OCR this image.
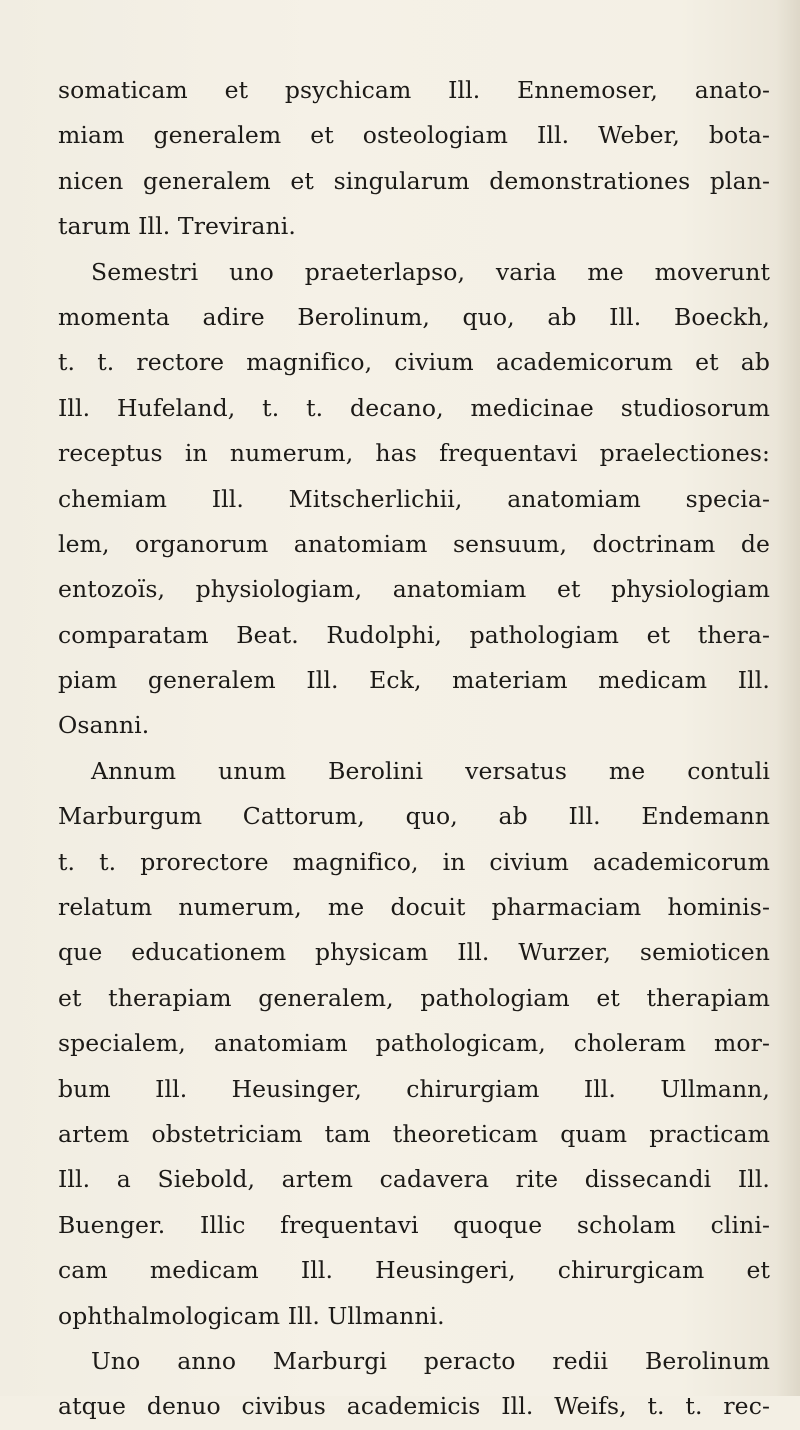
somaticam et psychicam Ill. Ennemoser, anato-
miam generalem et osteologiam Ill. Weber, bota-
nicen generalem et singularum demonstrationes plan-
tarum Ill. Trevirani.
Semestri uno praeterlapso, varia me moverunt
momenta adire Berolinum, quo, ab Ill. Boeckh,
t. t. rectore magnifico, civium academicorum et ab
Ill. Hufeland, t. t. decano, medicinae studiosorum
receptus in numerum, has frequentavi praelectiones:
chemiam Ill. Mitscherlichii, anatomiam specia-
lem, organorum anatomiam sensuum, doctrinam de
entozoïs, physiologiam, anatomiam et physiologiam
comparatam Beat. Rudolphi, pathologiam et thera-
piam generalem Ill. Eck, materiam medicam Ill.
Osanni.
Annum unum Berolini versatus me contuli
Marburgum Cattorum, quo, ab Ill. Endemann
t. t. prorectore magnifico, in civium academicorum
relatum numerum, me docuit pharmaciam hominis-
que educationem physicam Ill. Wurzer, semioticen
et therapiam generalem, pathologiam et therapiam
specialem, anatomiam pathologicam, choleram mor-
bum Ill. Heusinger, chirurgiam Ill. Ullmann,
artem obstetriciam tam theoreticam quam practicam
Ill. a Siebold, artem cadavera rite dissecandi Ill.
Buenger. Illic frequentavi quoque scholam clini-
cam medicam Ill. Heusingeri, chirurgicam et
ophthalmologicam Ill. Ullmanni.
Uno anno Marburgi peracto redii Berolinum
atque denuo civibus academicis Ill. Weifs, t. t. rec-
